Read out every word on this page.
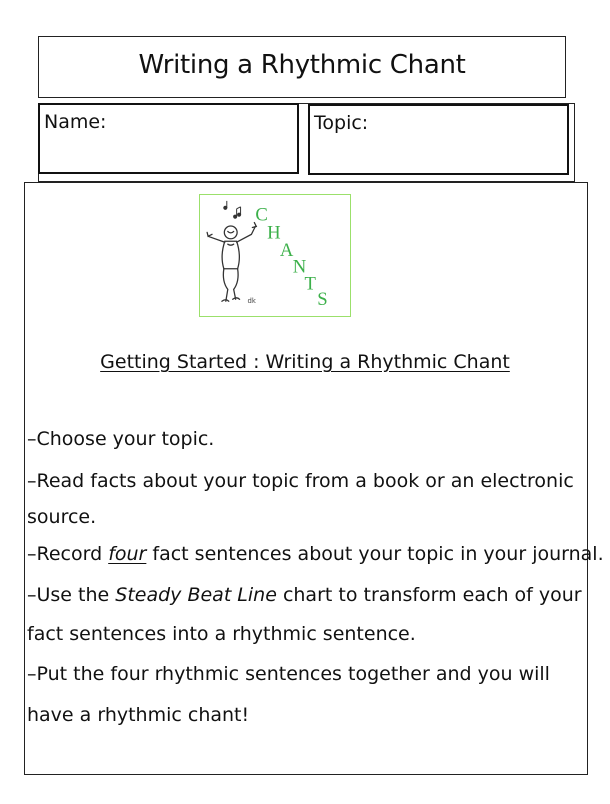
Writing a Rhythmic Chant
Name:	Topic:
dk
C
H
A
N
T
S
Getting Started : Writing a Rhythmic Chant
–Choose your topic.
–Read facts about your topic from a book or an electronic
source.
–Record four fact sentences about your topic in your journal.
–Use the Steady Beat Line chart to transform each of your
fact sentences into a rhythmic sentence.
–Put the four rhythmic sentences together and you will
have a rhythmic chant!
